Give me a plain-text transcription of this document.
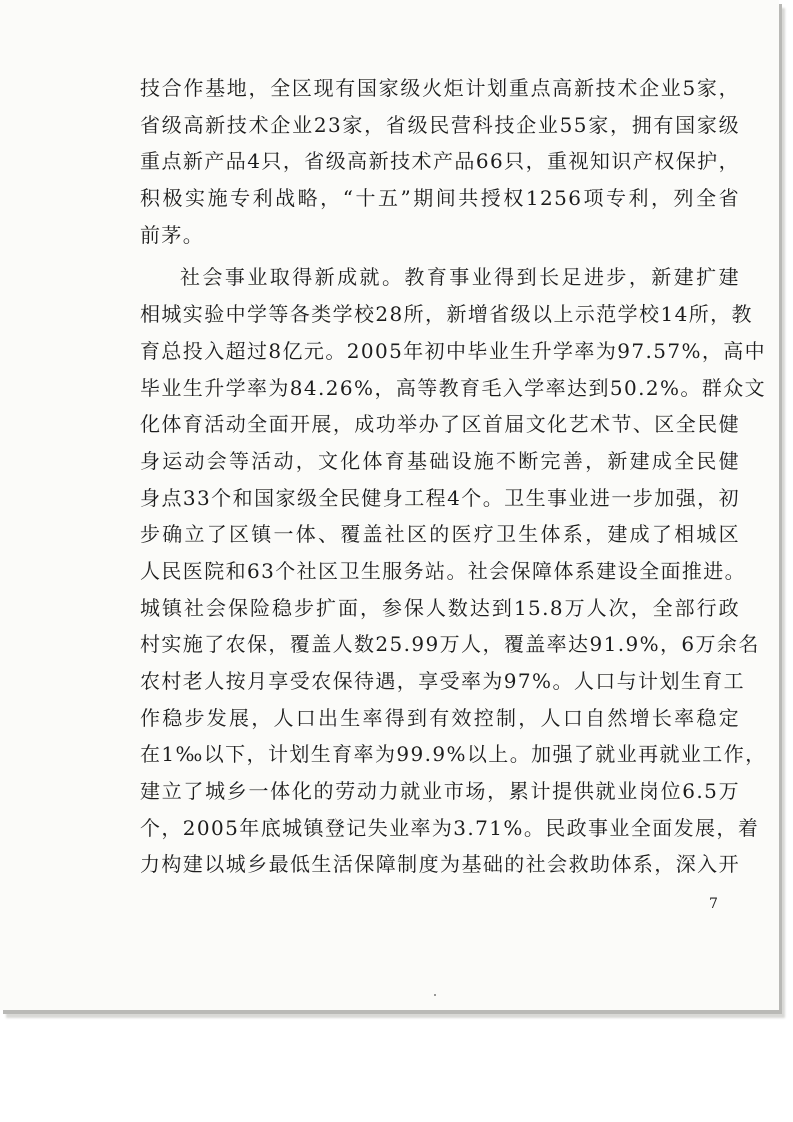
技合作基地，全区现有国家级火炬计划重点高新技术企业5家，
省级高新技术企业23家，省级民营科技企业55家，拥有国家级
重点新产品4只，省级高新技术产品66只，重视知识产权保护，
积极实施专利战略，“十五”期间共授权1256项专利，列全省
前茅。
社会事业取得新成就。教育事业得到长足进步，新建扩建
相城实验中学等各类学校28所，新增省级以上示范学校14所，教
育总投入超过8亿元。2005年初中毕业生升学率为97.57%，高中
毕业生升学率为84.26%，高等教育毛入学率达到50.2%。群众文
化体育活动全面开展，成功举办了区首届文化艺术节、区全民健
身运动会等活动，文化体育基础设施不断完善，新建成全民健
身点33个和国家级全民健身工程4个。卫生事业进一步加强，初
步确立了区镇一体、覆盖社区的医疗卫生体系，建成了相城区
人民医院和63个社区卫生服务站。社会保障体系建设全面推进。
城镇社会保险稳步扩面，参保人数达到15.8万人次，全部行政
村实施了农保，覆盖人数25.99万人，覆盖率达91.9%，6万余名
农村老人按月享受农保待遇，享受率为97%。人口与计划生育工
作稳步发展，人口出生率得到有效控制，人口自然增长率稳定
在1‰以下，计划生育率为99.9%以上。加强了就业再就业工作，
建立了城乡一体化的劳动力就业市场，累计提供就业岗位6.5万
个，2005年底城镇登记失业率为3.71%。民政事业全面发展，着
力构建以城乡最低生活保障制度为基础的社会救助体系，深入开
7
